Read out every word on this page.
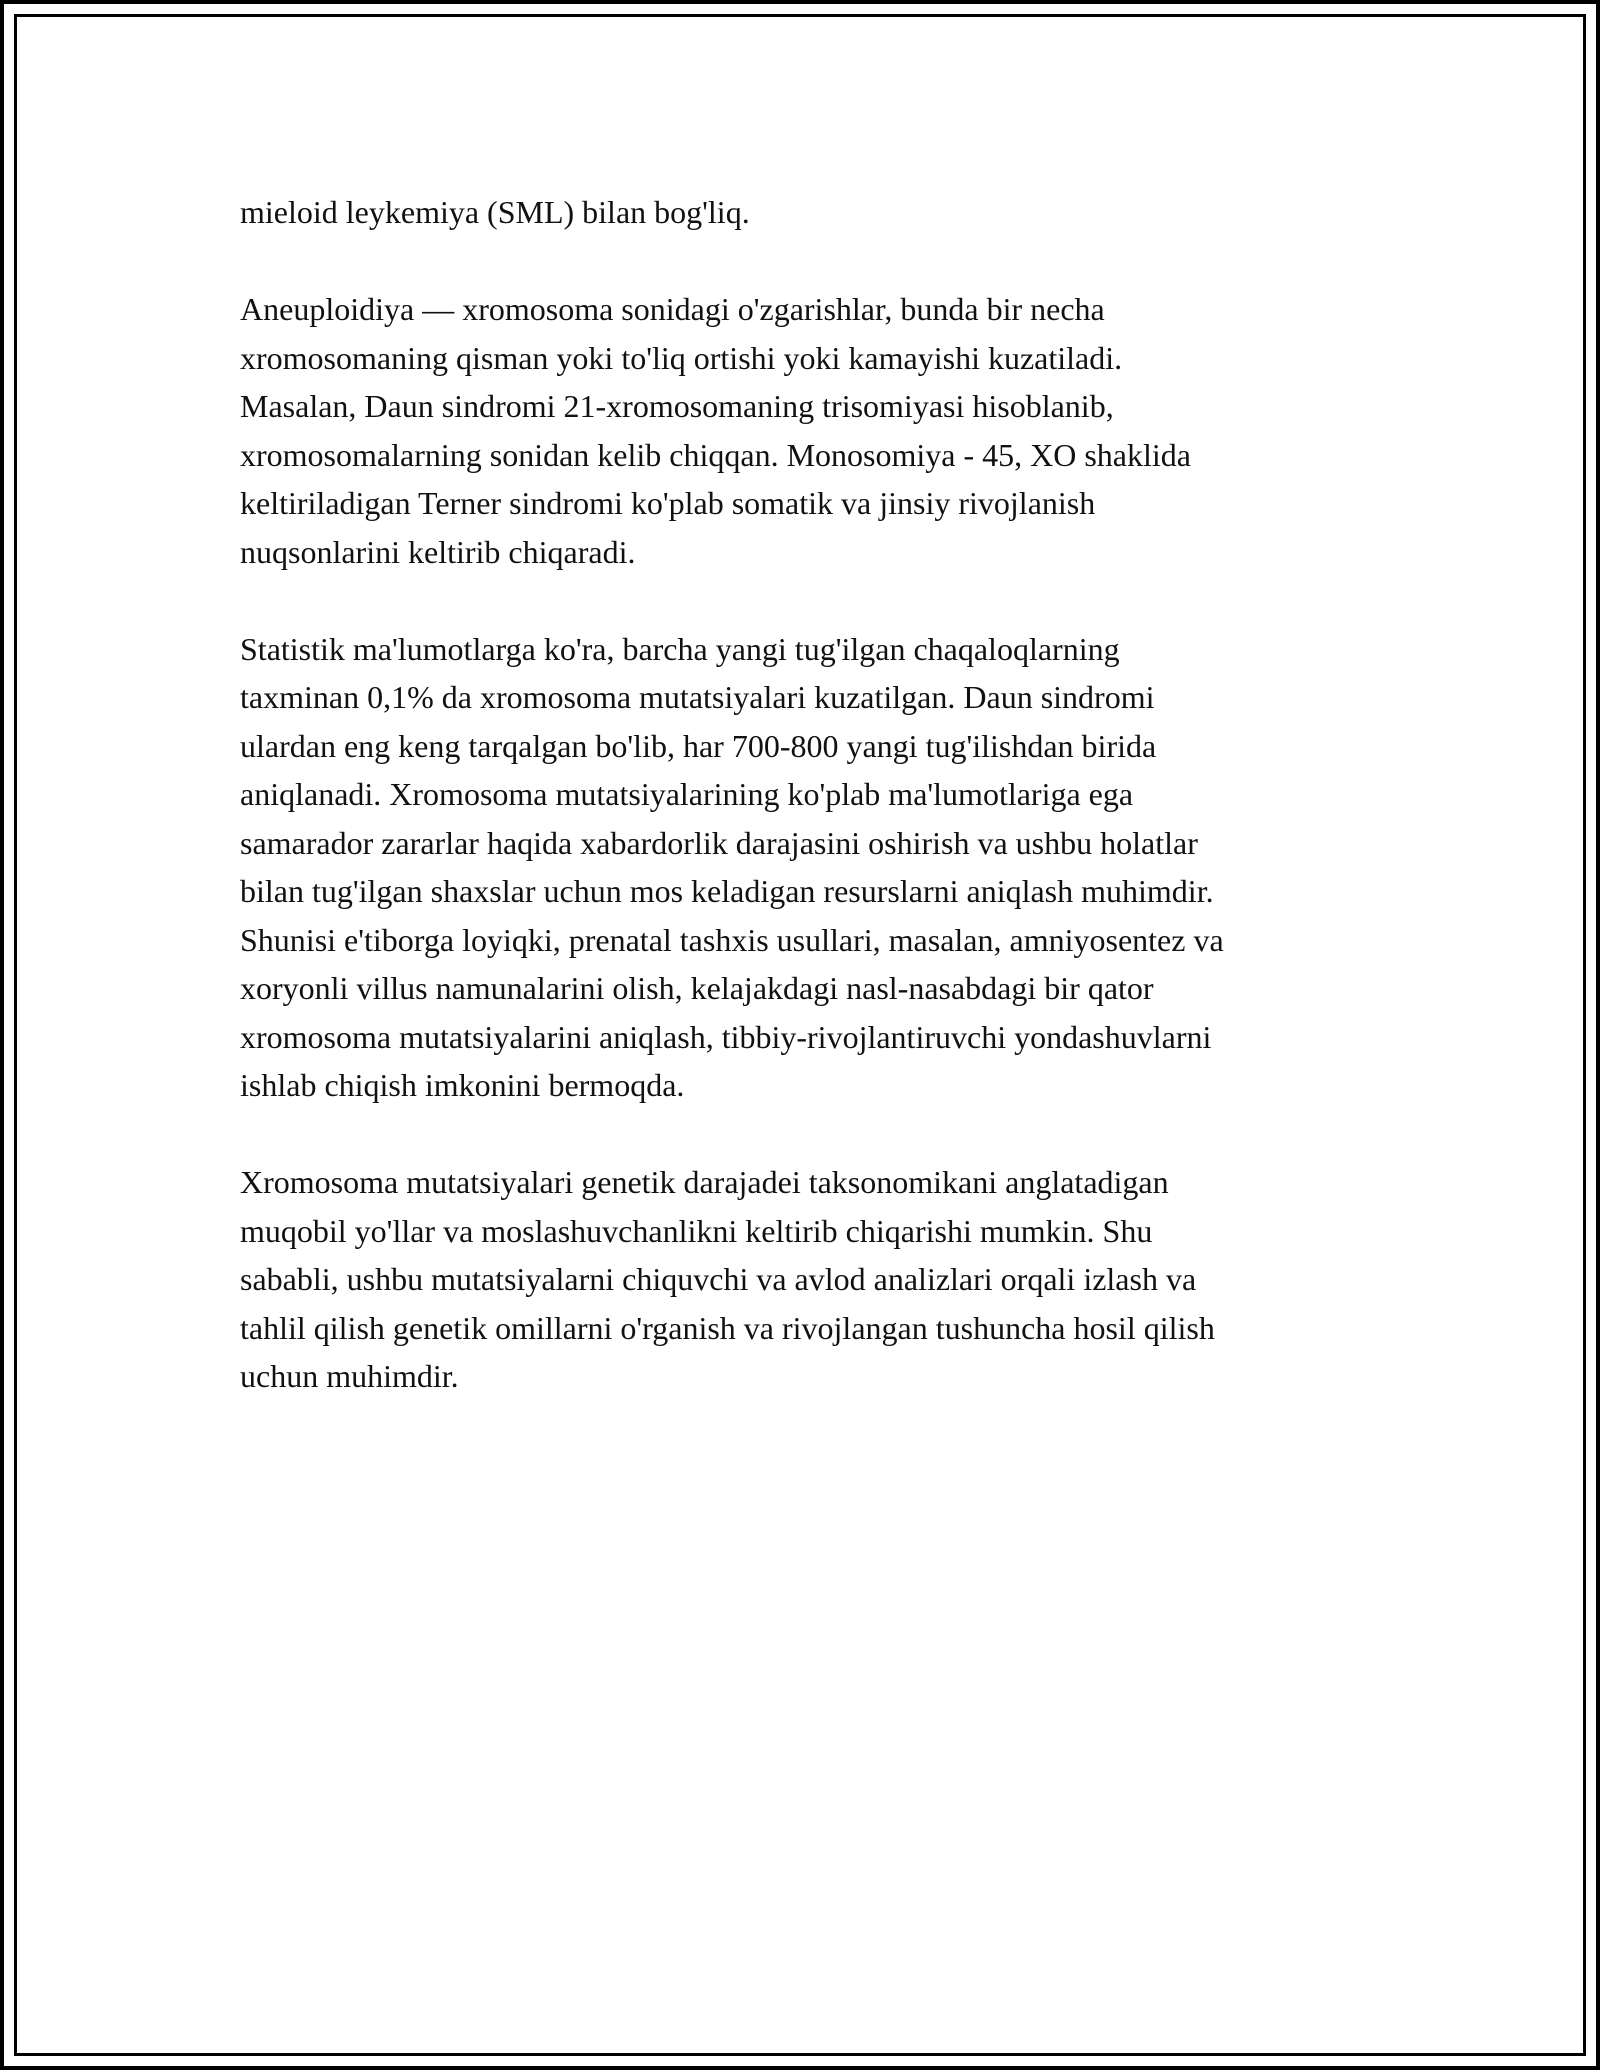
mieloid leykemiya (SML) bilan bog'liq.

Aneuploidiya — xromosoma sonidagi o'zgarishlar, bunda bir necha
xromosomaning qisman yoki to'liq ortishi yoki kamayishi kuzatiladi.
Masalan, Daun sindromi 21-xromosomaning trisomiyasi hisoblanib,
xromosomalarning sonidan kelib chiqqan. Monosomiya - 45, XO shaklida
keltiriladigan Terner sindromi ko'plab somatik va jinsiy rivojlanish
nuqsonlarini keltirib chiqaradi.

Statistik ma'lumotlarga ko'ra, barcha yangi tug'ilgan chaqaloqlarning
taxminan 0,1% da xromosoma mutatsiyalari kuzatilgan. Daun sindromi
ulardan eng keng tarqalgan bo'lib, har 700-800 yangi tug'ilishdan birida
aniqlanadi. Xromosoma mutatsiyalarining ko'plab ma'lumotlariga ega
samarador zararlar haqida xabardorlik darajasini oshirish va ushbu holatlar
bilan tug'ilgan shaxslar uchun mos keladigan resurslarni aniqlash muhimdir.
Shunisi e'tiborga loyiqki, prenatal tashxis usullari, masalan, amniyosentez va
xoryonli villus namunalarini olish, kelajakdagi nasl-nasabdagi bir qator
xromosoma mutatsiyalarini aniqlash, tibbiy-rivojlantiruvchi yondashuvlarni
ishlab chiqish imkonini bermoqda.

Xromosoma mutatsiyalari genetik darajadei taksonomikani anglatadigan
muqobil yo'llar va moslashuvchanlikni keltirib chiqarishi mumkin. Shu
sababli, ushbu mutatsiyalarni chiquvchi va avlod analizlari orqali izlash va
tahlil qilish genetik omillarni o'rganish va rivojlangan tushuncha hosil qilish
uchun muhimdir.
